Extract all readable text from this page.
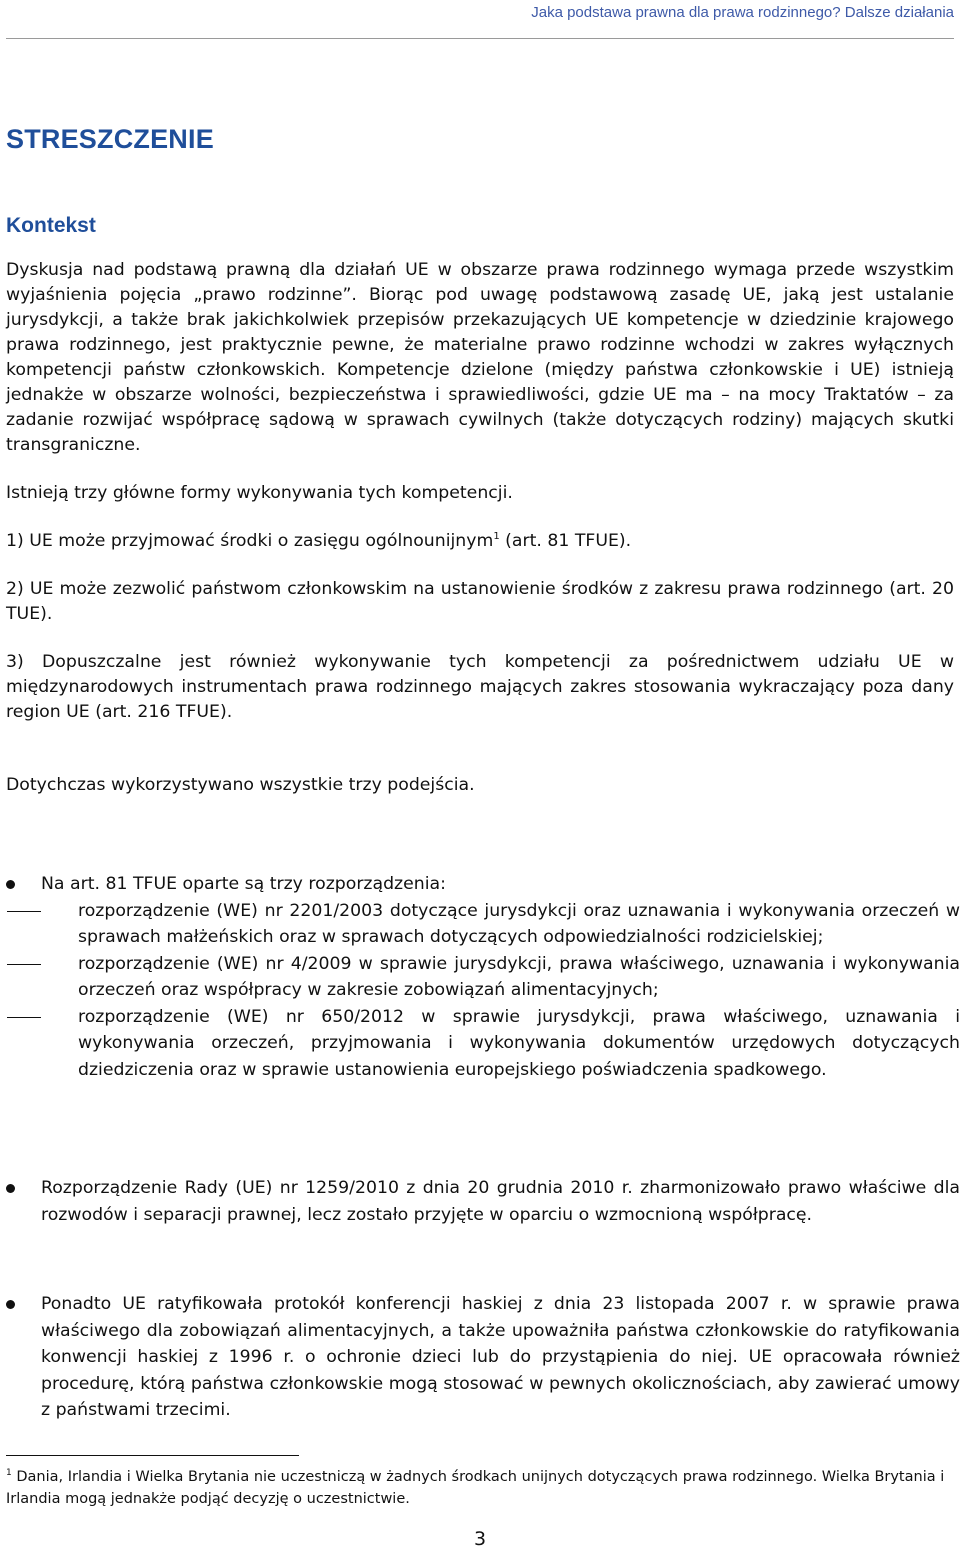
Jaka podstawa prawna dla prawa rodzinnego? Dalsze działania
STRESZCZENIE
Kontekst

Dyskusja nad podstawą prawną dla działań UE w obszarze prawa rodzinnego wymaga przede wszystkim wyjaśnienia pojęcia „prawo rodzinne”. Biorąc pod uwagę podstawową zasadę UE, jaką jest ustalanie jurysdykcji, a także brak jakichkolwiek przepisów przekazujących UE kompetencje w dziedzinie krajowego prawa rodzinnego, jest praktycznie pewne, że materialne prawo rodzinne wchodzi w zakres wyłącznych kompetencji państw członkowskich. Kompetencje dzielone (między państwa członkowskie i UE) istnieją jednakże w obszarze wolności, bezpieczeństwa i sprawiedliwości, gdzie UE ma – na mocy Traktatów – za zadanie rozwijać współpracę sądową w sprawach cywilnych (także dotyczących rodziny) mających skutki transgraniczne.

Istnieją trzy główne formy wykonywania tych kompetencji.

1) UE może przyjmować środki o zasięgu ogólnounijnym$^1$ (art. 81 TFUE).

2) UE może zezwolić państwom członkowskim na ustanowienie środków z zakresu prawa rodzinnego (art. 20 TUE).

3) Dopuszczalne jest również wykonywanie tych kompetencji za pośrednictwem udziału UE w międzynarodowych instrumentach prawa rodzinnego mających zakres stosowania wykraczający poza dany region UE (art. 216 TFUE).

Dotychczas wykorzystywano wszystkie trzy podejścia.

Na art. 81 TFUE oparte są trzy rozporządzenia:
rozporządzenie (WE) nr 2201/2003 dotyczące jurysdykcji oraz uznawania i wykonywania orzeczeń w sprawach małżeńskich oraz w sprawach dotyczących odpowiedzialności rodzicielskiej;
rozporządzenie (WE) nr 4/2009 w sprawie jurysdykcji, prawa właściwego, uznawania i wykonywania orzeczeń oraz współpracy w zakresie zobowiązań alimentacyjnych;
rozporządzenie (WE) nr 650/2012 w sprawie jurysdykcji, prawa właściwego, uznawania i wykonywania orzeczeń, przyjmowania i wykonywania dokumentów urzędowych dotyczących dziedziczenia oraz w sprawie ustanowienia europejskiego poświadczenia spadkowego.
Rozporządzenie Rady (UE) nr 1259/2010 z dnia 20 grudnia 2010 r. zharmonizowało prawo właściwe dla rozwodów i separacji prawnej, lecz zostało przyjęte w oparciu o wzmocnioną współpracę.
Ponadto UE ratyfikowała protokół konferencji haskiej z dnia 23 listopada 2007 r. w sprawie prawa właściwego dla zobowiązań alimentacyjnych, a także upoważniła państwa członkowskie do ratyfikowania konwencji haskiej z 1996 r. o ochronie dzieci lub do przystąpienia do niej. UE opracowała również procedurę, którą państwa członkowskie mogą stosować w pewnych okolicznościach, aby zawierać umowy z państwami trzecimi.
$^1$ Dania, Irlandia i Wielka Brytania nie uczestniczą w żadnych środkach unijnych dotyczących prawa rodzinnego. Wielka Brytania i Irlandia mogą jednakże podjąć decyzję o uczestnictwie.
3
